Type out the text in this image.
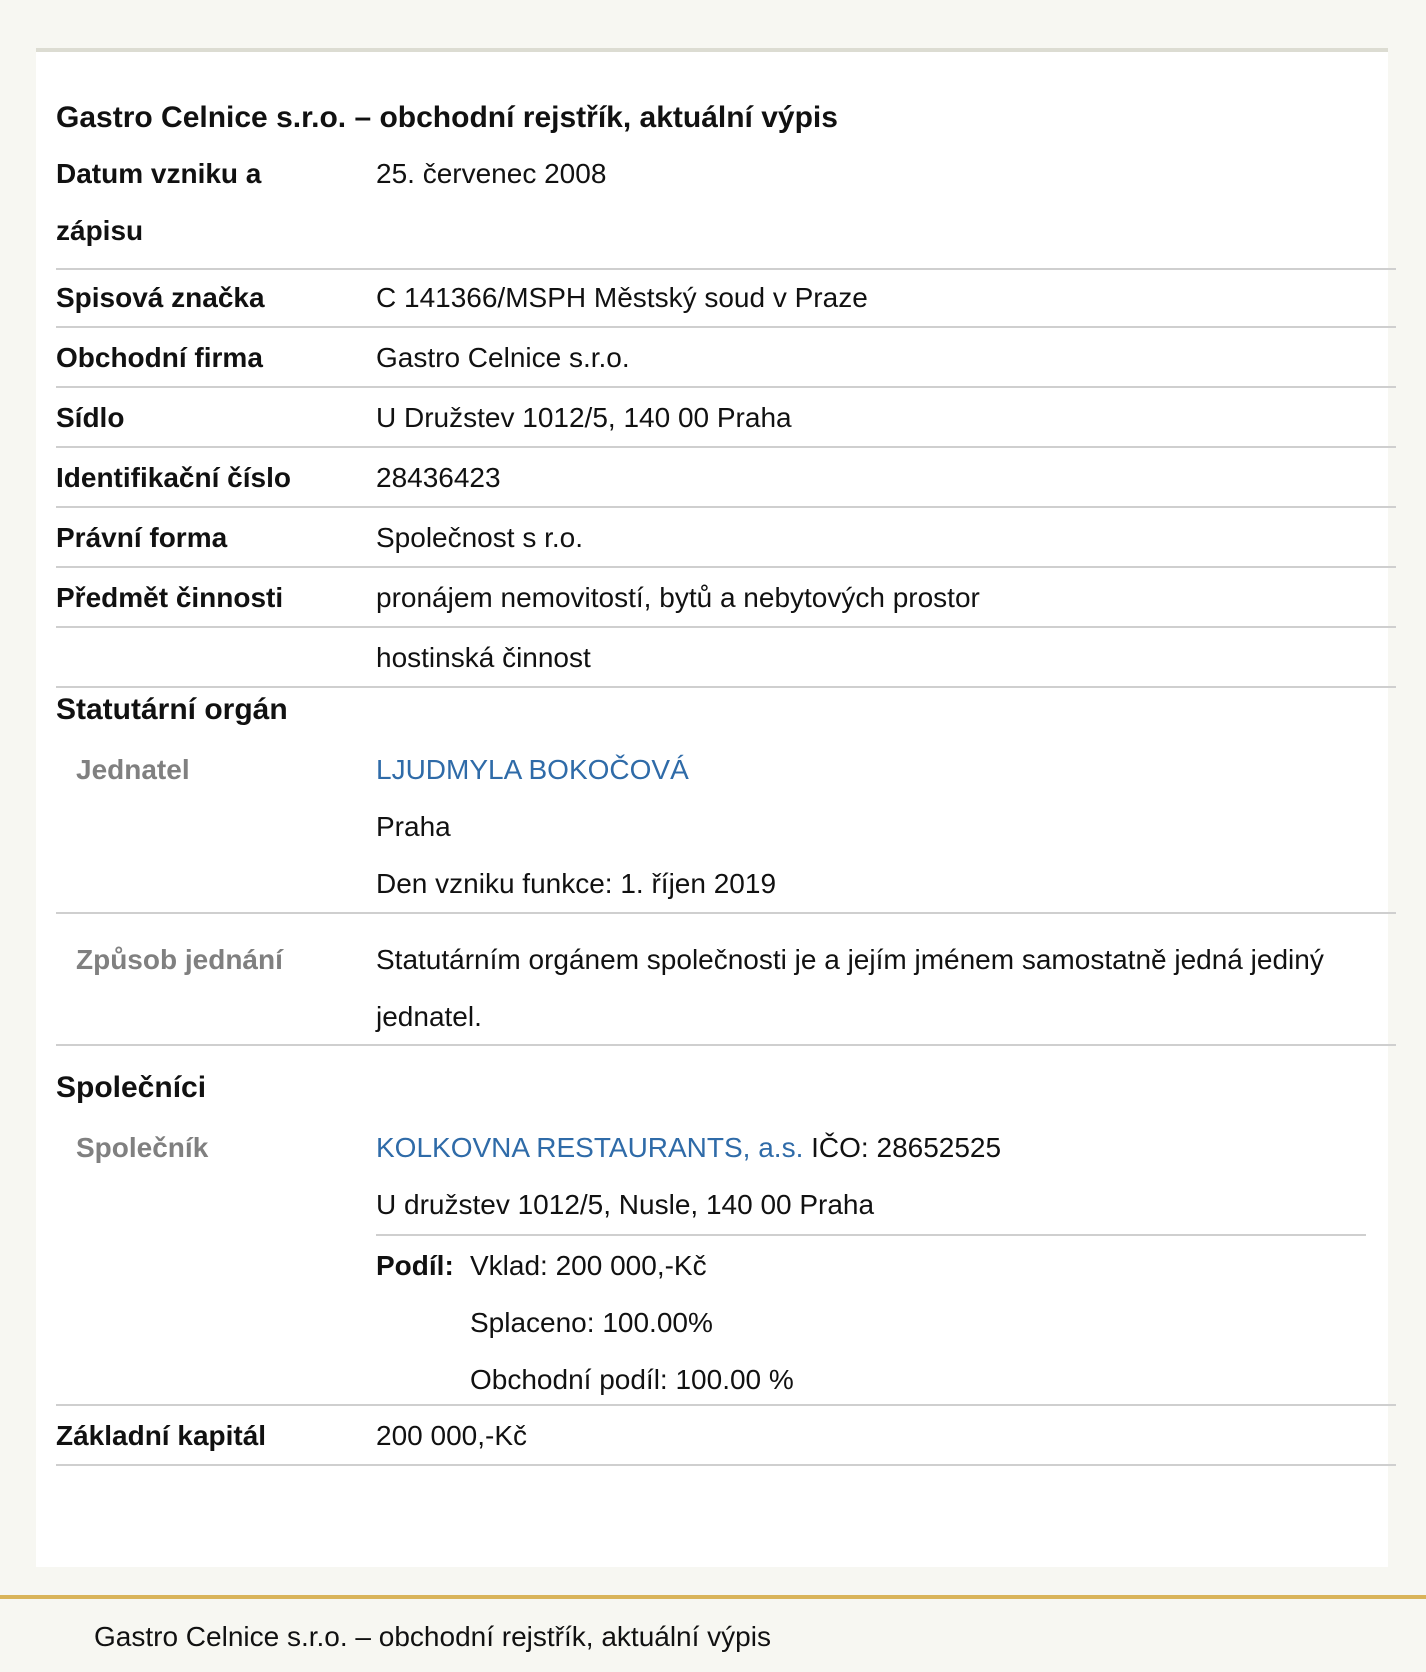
Gastro Celnice s.r.o. – obchodní rejstřík, aktuální výpis
Datum vzniku a
zápisu
25. červenec 2008
Spisová značka	C 141366/MSPH Městský soud v Praze
Obchodní firma	Gastro Celnice s.r.o.
Sídlo	U Družstev 1012/5, 140 00 Praha
Identifikační číslo	28436423
Právní forma	Společnost s r.o.
Předmět činnosti	pronájem nemovitostí, bytů a nebytových prostor
hostinská činnost
Statutární orgán
Jednatel	LJUDMYLA BOKOČOVÁ
Praha
Den vzniku funkce: 1. říjen 2019
Způsob jednání	Statutárním orgánem společnosti je a jejím jménem samostatně jedná jediný
jednatel.
Společníci
Společník	KOLKOVNA RESTAURANTS, a.s. IČO: 28652525
U družstev 1012/5, Nusle, 140 00 Praha
Podíl: Vklad: 200 000,-Kč
Splaceno: 100.00%
Obchodní podíl: 100.00 %
Základní kapitál	200 000,-Kč
Gastro Celnice s.r.o. – obchodní rejstřík, aktuální výpis
